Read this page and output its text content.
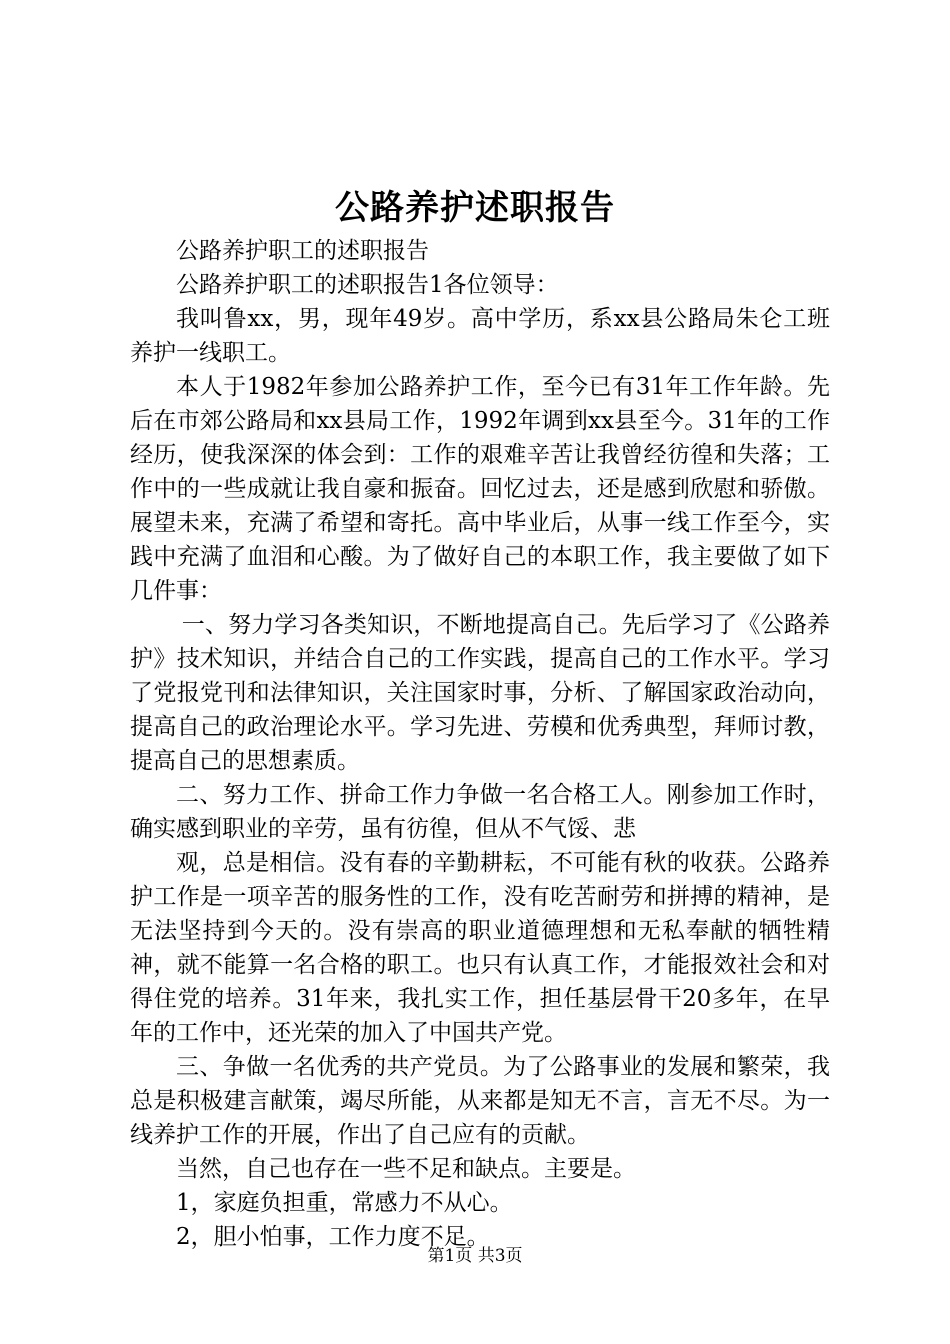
公路养护述职报告

公路养护职工的述职报告

公路养护职工的述职报告1各位领导：

我叫鲁xx，男，现年49岁。高中学历，系xx县公路局朱仑工班养护一线职工。

本人于1982年参加公路养护工作，至今已有31年工作年龄。先后在市郊公路局和xx县局工作，1992年调到xx县至今。31年的工作经历，使我深深的体会到：工作的艰难辛苦让我曾经彷徨和失落；工作中的一些成就让我自豪和振奋。回忆过去，还是感到欣慰和骄傲。展望未来，充满了希望和寄托。高中毕业后，从事一线工作至今，实践中充满了血泪和心酸。为了做好自己的本职工作，我主要做了如下几件事：

一、努力学习各类知识，不断地提高自己。先后学习了《公路养护》技术知识，并结合自己的工作实践，提高自己的工作水平。学习了党报党刊和法律知识，关注国家时事，分析、了解国家政治动向，提高自己的政治理论水平。学习先进、劳模和优秀典型，拜师讨教，提高自己的思想素质。

二、努力工作、拼命工作力争做一名合格工人。刚参加工作时，确实感到职业的辛劳，虽有彷徨，但从不气馁、悲

观，总是相信。没有春的辛勤耕耘，不可能有秋的收获。公路养护工作是一项辛苦的服务性的工作，没有吃苦耐劳和拼搏的精神，是无法坚持到今天的。没有崇高的职业道德理想和无私奉献的牺牲精神，就不能算一名合格的职工。也只有认真工作，才能报效社会和对得住党的培养。31年来，我扎实工作，担任基层骨干20多年，在早年的工作中，还光荣的加入了中国共产党。

三、争做一名优秀的共产党员。为了公路事业的发展和繁荣，我总是积极建言献策，竭尽所能，从来都是知无不言，言无不尽。为一线养护工作的开展，作出了自己应有的贡献。

当然，自己也存在一些不足和缺点。主要是。

1，家庭负担重，常感力不从心。

2，胆小怕事，工作力度不足。

第1页 共3页
